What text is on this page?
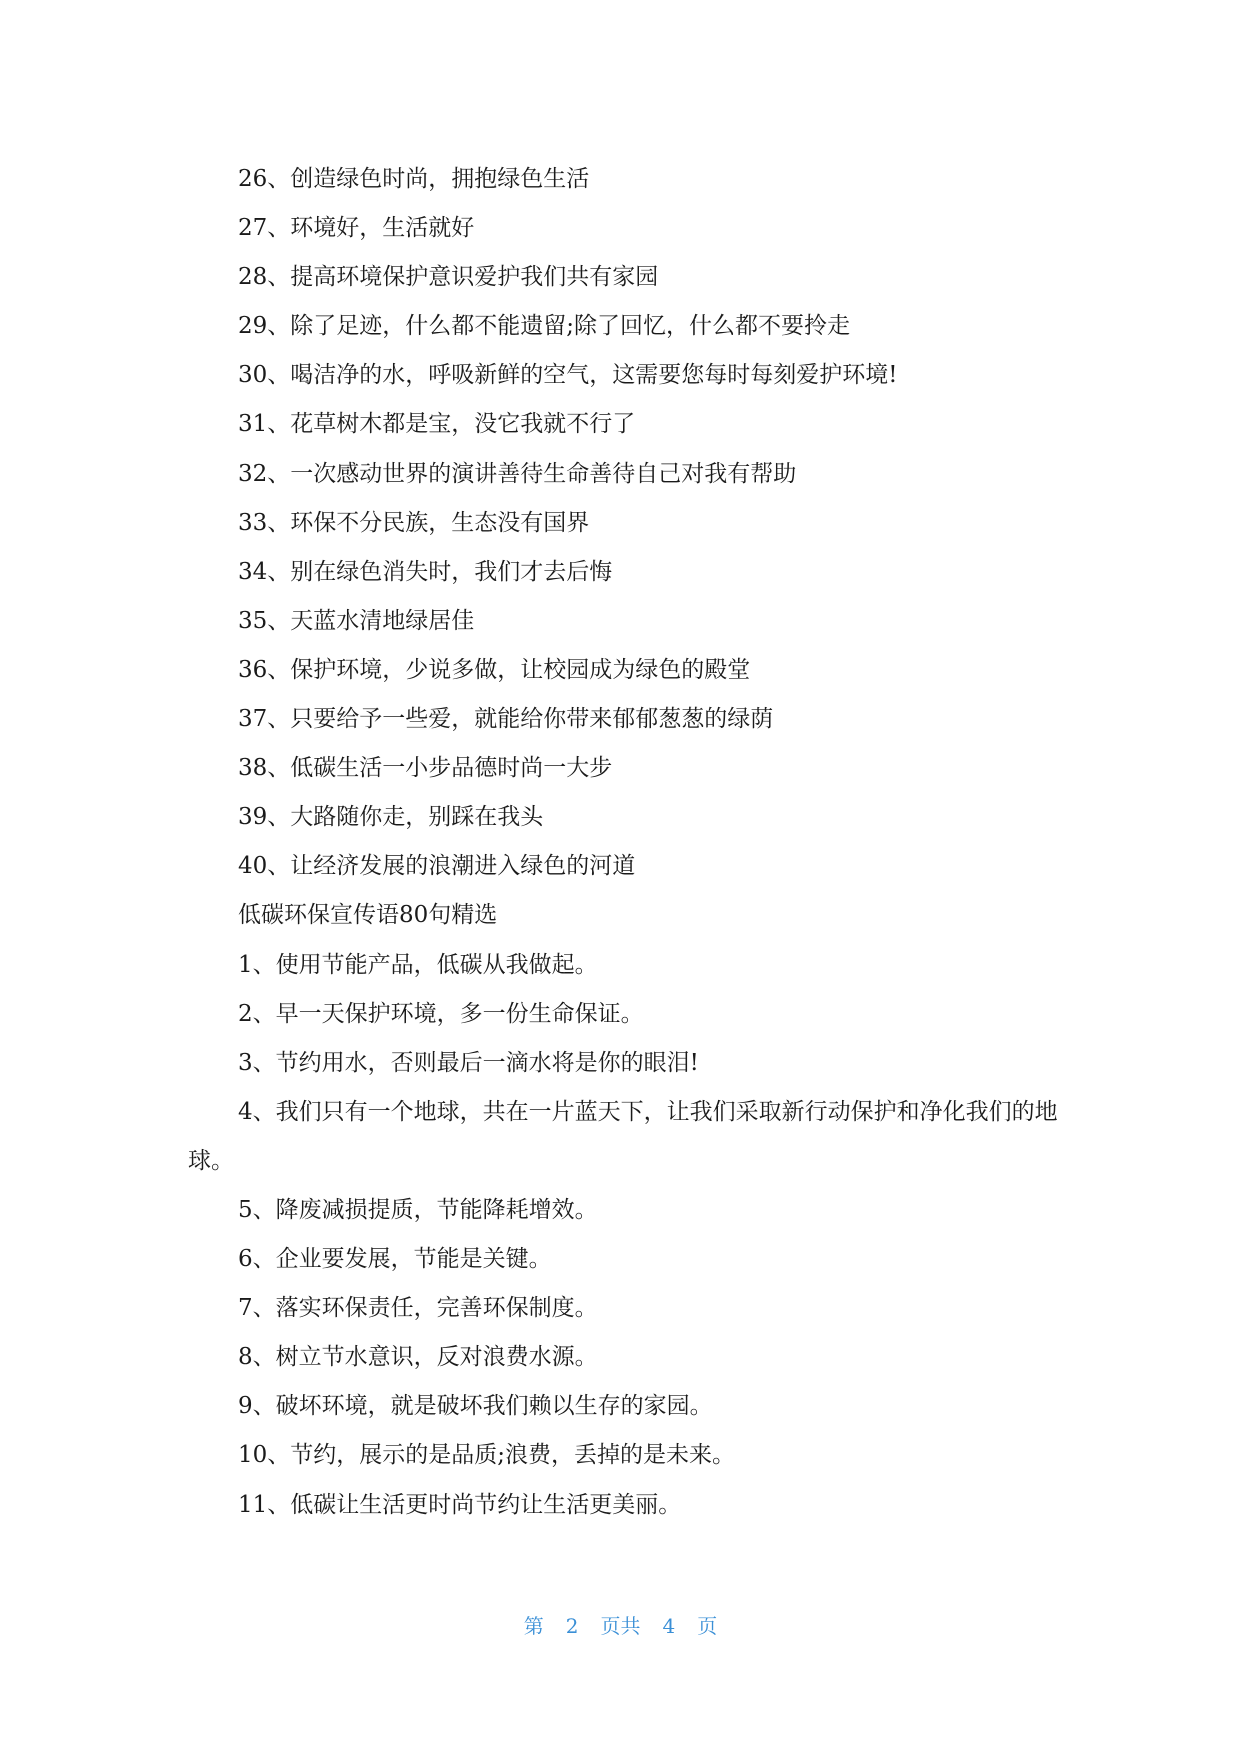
26、创造绿色时尚，拥抱绿色生活
27、环境好，生活就好
28、提高环境保护意识爱护我们共有家园
29、除了足迹，什么都不能遗留;除了回忆，什么都不要拎走
30、喝洁净的水，呼吸新鲜的空气，这需要您每时每刻爱护环境!
31、花草树木都是宝，没它我就不行了
32、一次感动世界的演讲善待生命善待自己对我有帮助
33、环保不分民族，生态没有国界
34、别在绿色消失时，我们才去后悔
35、天蓝水清地绿居佳
36、保护环境，少说多做，让校园成为绿色的殿堂
37、只要给予一些爱，就能给你带来郁郁葱葱的绿荫
38、低碳生活一小步品德时尚一大步
39、大路随你走，别踩在我头
40、让经济发展的浪潮进入绿色的河道
低碳环保宣传语80句精选
1、使用节能产品，低碳从我做起。
2、早一天保护环境，多一份生命保证。
3、节约用水，否则最后一滴水将是你的眼泪!
4、我们只有一个地球，共在一片蓝天下，让我们采取新行动保护和净化我们的地球。
5、降废减损提质，节能降耗增效。
6、企业要发展，节能是关键。
7、落实环保责任，完善环保制度。
8、树立节水意识，反对浪费水源。
9、破坏环境，就是破坏我们赖以生存的家园。
10、节约，展示的是品质;浪费，丢掉的是未来。
11、低碳让生活更时尚节约让生活更美丽。
第 2 页共 4 页
